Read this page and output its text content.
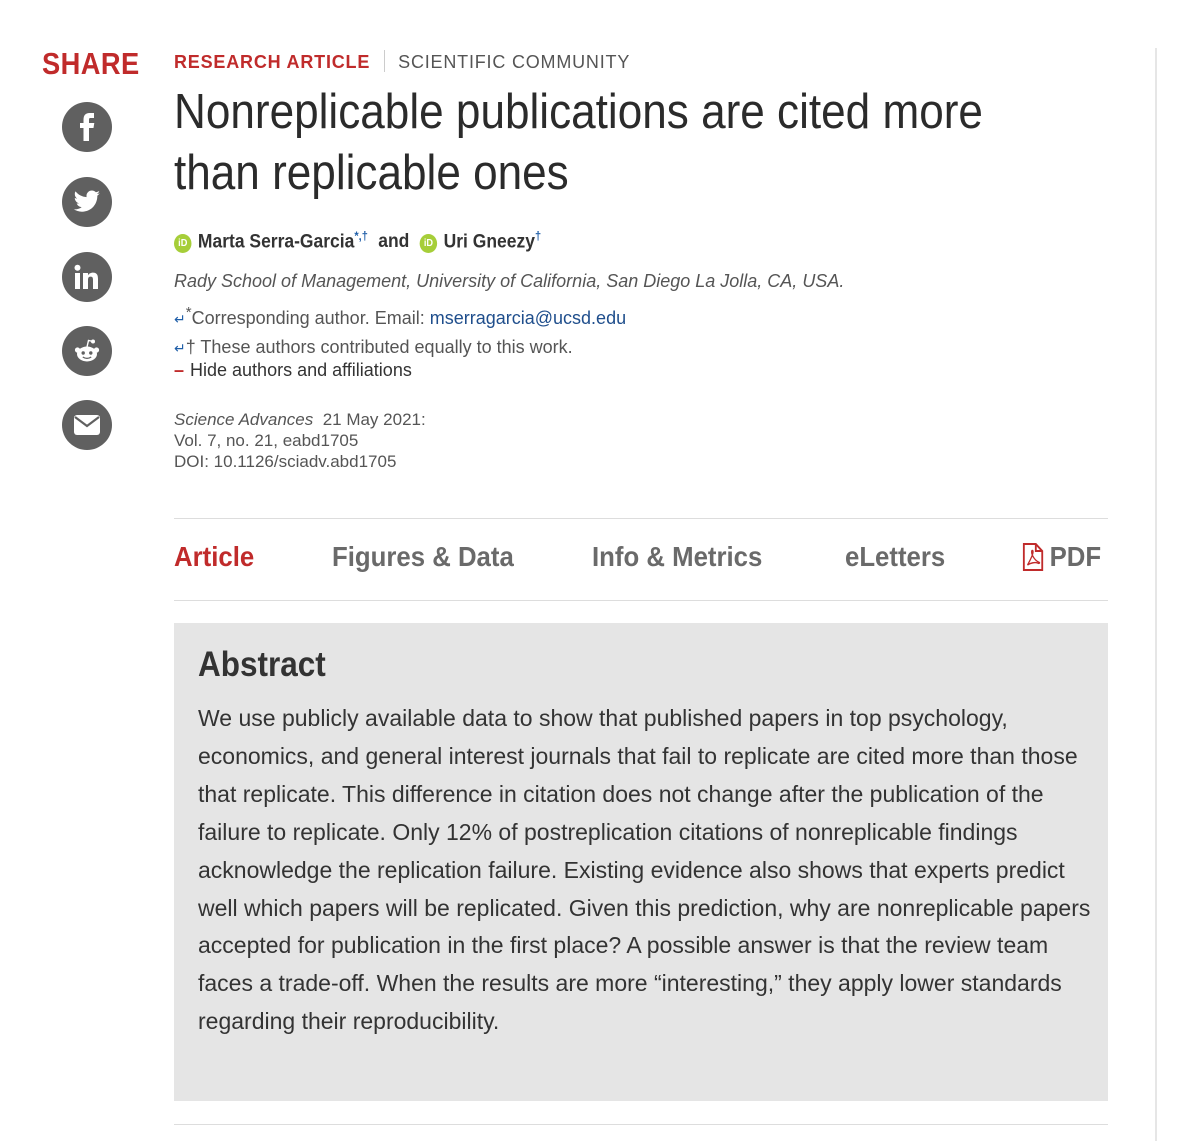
SHARE RESEARCH ARTICLE SCIENTIFIC COMMUNITY
Nonreplicable publications are cited more than replicable ones
iD Marta Serra-Garcia*,† and iD Uri Gneezy†
Rady School of Management, University of California, San Diego La Jolla, CA, USA.
↵*Corresponding author. Email: mserragarcia@ucsd.edu
↵† These authors contributed equally to this work.
– Hide authors and affiliations
Science Advances 21 May 2021:
Vol. 7, no. 21, eabd1705
DOI: 10.1126/sciadv.abd1705
Article	Figures & Data	Info & Metrics	eLetters	PDF
Abstract

We use publicly available data to show that published papers in top psychology, economics, and general interest journals that fail to replicate are cited more than those that replicate. This difference in citation does not change after the publication of the failure to replicate. Only 12% of postreplication citations of nonreplicable findings acknowledge the replication failure. Existing evidence also shows that experts predict well which papers will be replicated. Given this prediction, why are nonreplicable papers accepted for publication in the first place? A possible answer is that the review team faces a trade-off. When the results are more “interesting,” they apply lower standards regarding their reproducibility.
